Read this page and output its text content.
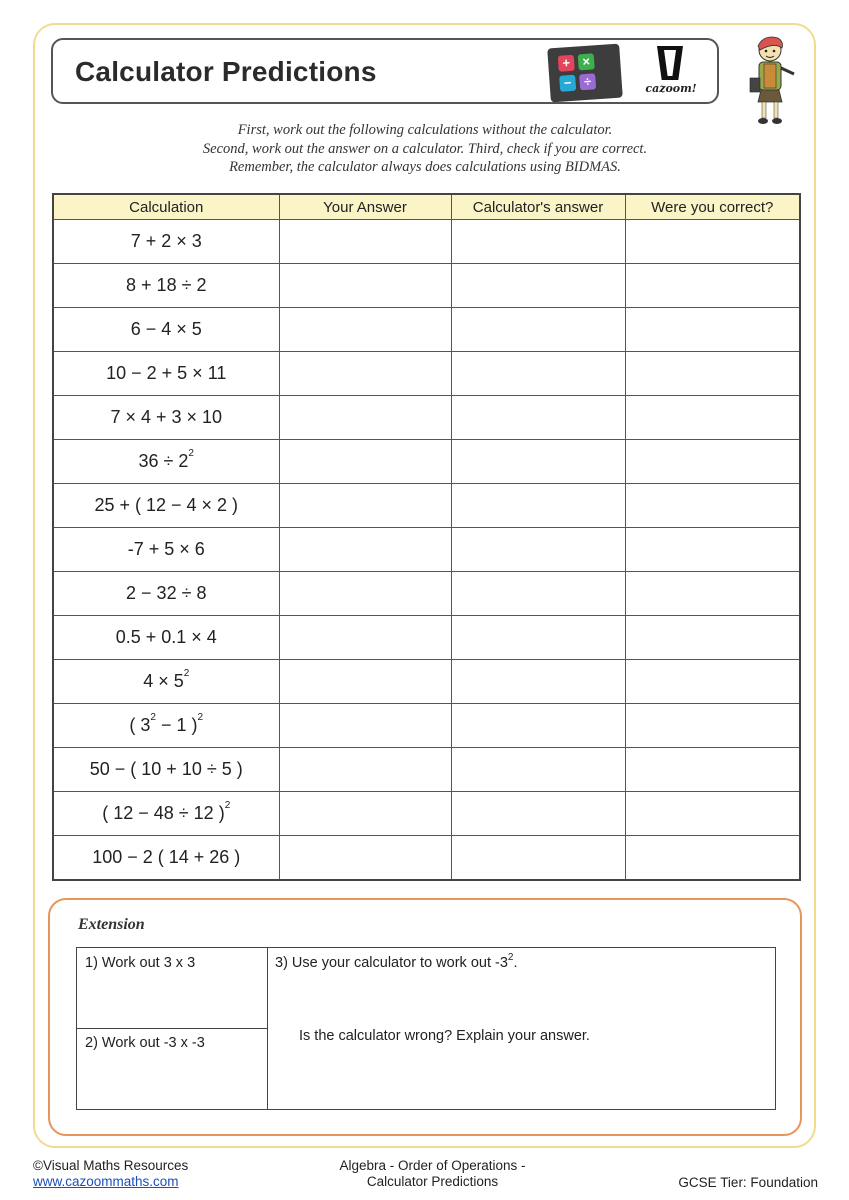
Calculator Predictions	+ ×
− ÷	cazoom!
First, work out the following calculations without the calculator.
Second, work out the answer on a calculator. Third, check if you are correct.
Remember, the calculator always does calculations using BIDMAS.
Calculation	Your Answer	Calculator's answer	Were you correct?
7 + 2 × 3			
8 + 18 ÷ 2			
6 − 4 × 5			
10 − 2 + 5 × 11			
7 × 4 + 3 × 10			
$36 \div 2^2$			
25 + ( 12 − 4 × 2 )			
-7 + 5 × 6			
2 − 32 ÷ 8			
0.5 + 0.1 × 4			
$4 \times 5^2$			
( $3^2 - 1$ )$^2$			
50 − ( 10 + 10 ÷ 5 )			
( 12 − 48 ÷ 12 )$^2$			
100 − 2 ( 14 + 26 )			
Extension
1) Work out 3 x 3
2) Work out -3 x -3
3) Use your calculator to work out $-3^2$.
Is the calculator wrong? Explain your answer.
©Visual Maths Resources
www.cazoommaths.com
Algebra - Order of Operations -
Calculator Predictions	GCSE Tier: Foundation
